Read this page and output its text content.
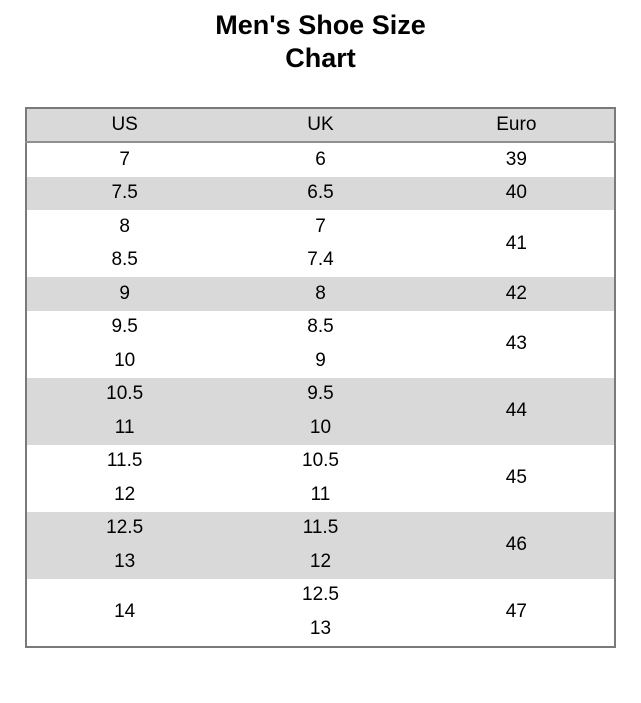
Men's Shoe Size
Chart
US	UK	Euro
7	6	39
7.5	6.5	40
8	7	41
8.5	7.4	
9	8	42
9.5	8.5	43
10	9	
10.5	9.5	44
11	10	
11.5	10.5	45
12	11	
12.5	11.5	46
13	12	
14	12.5	47
	13	
